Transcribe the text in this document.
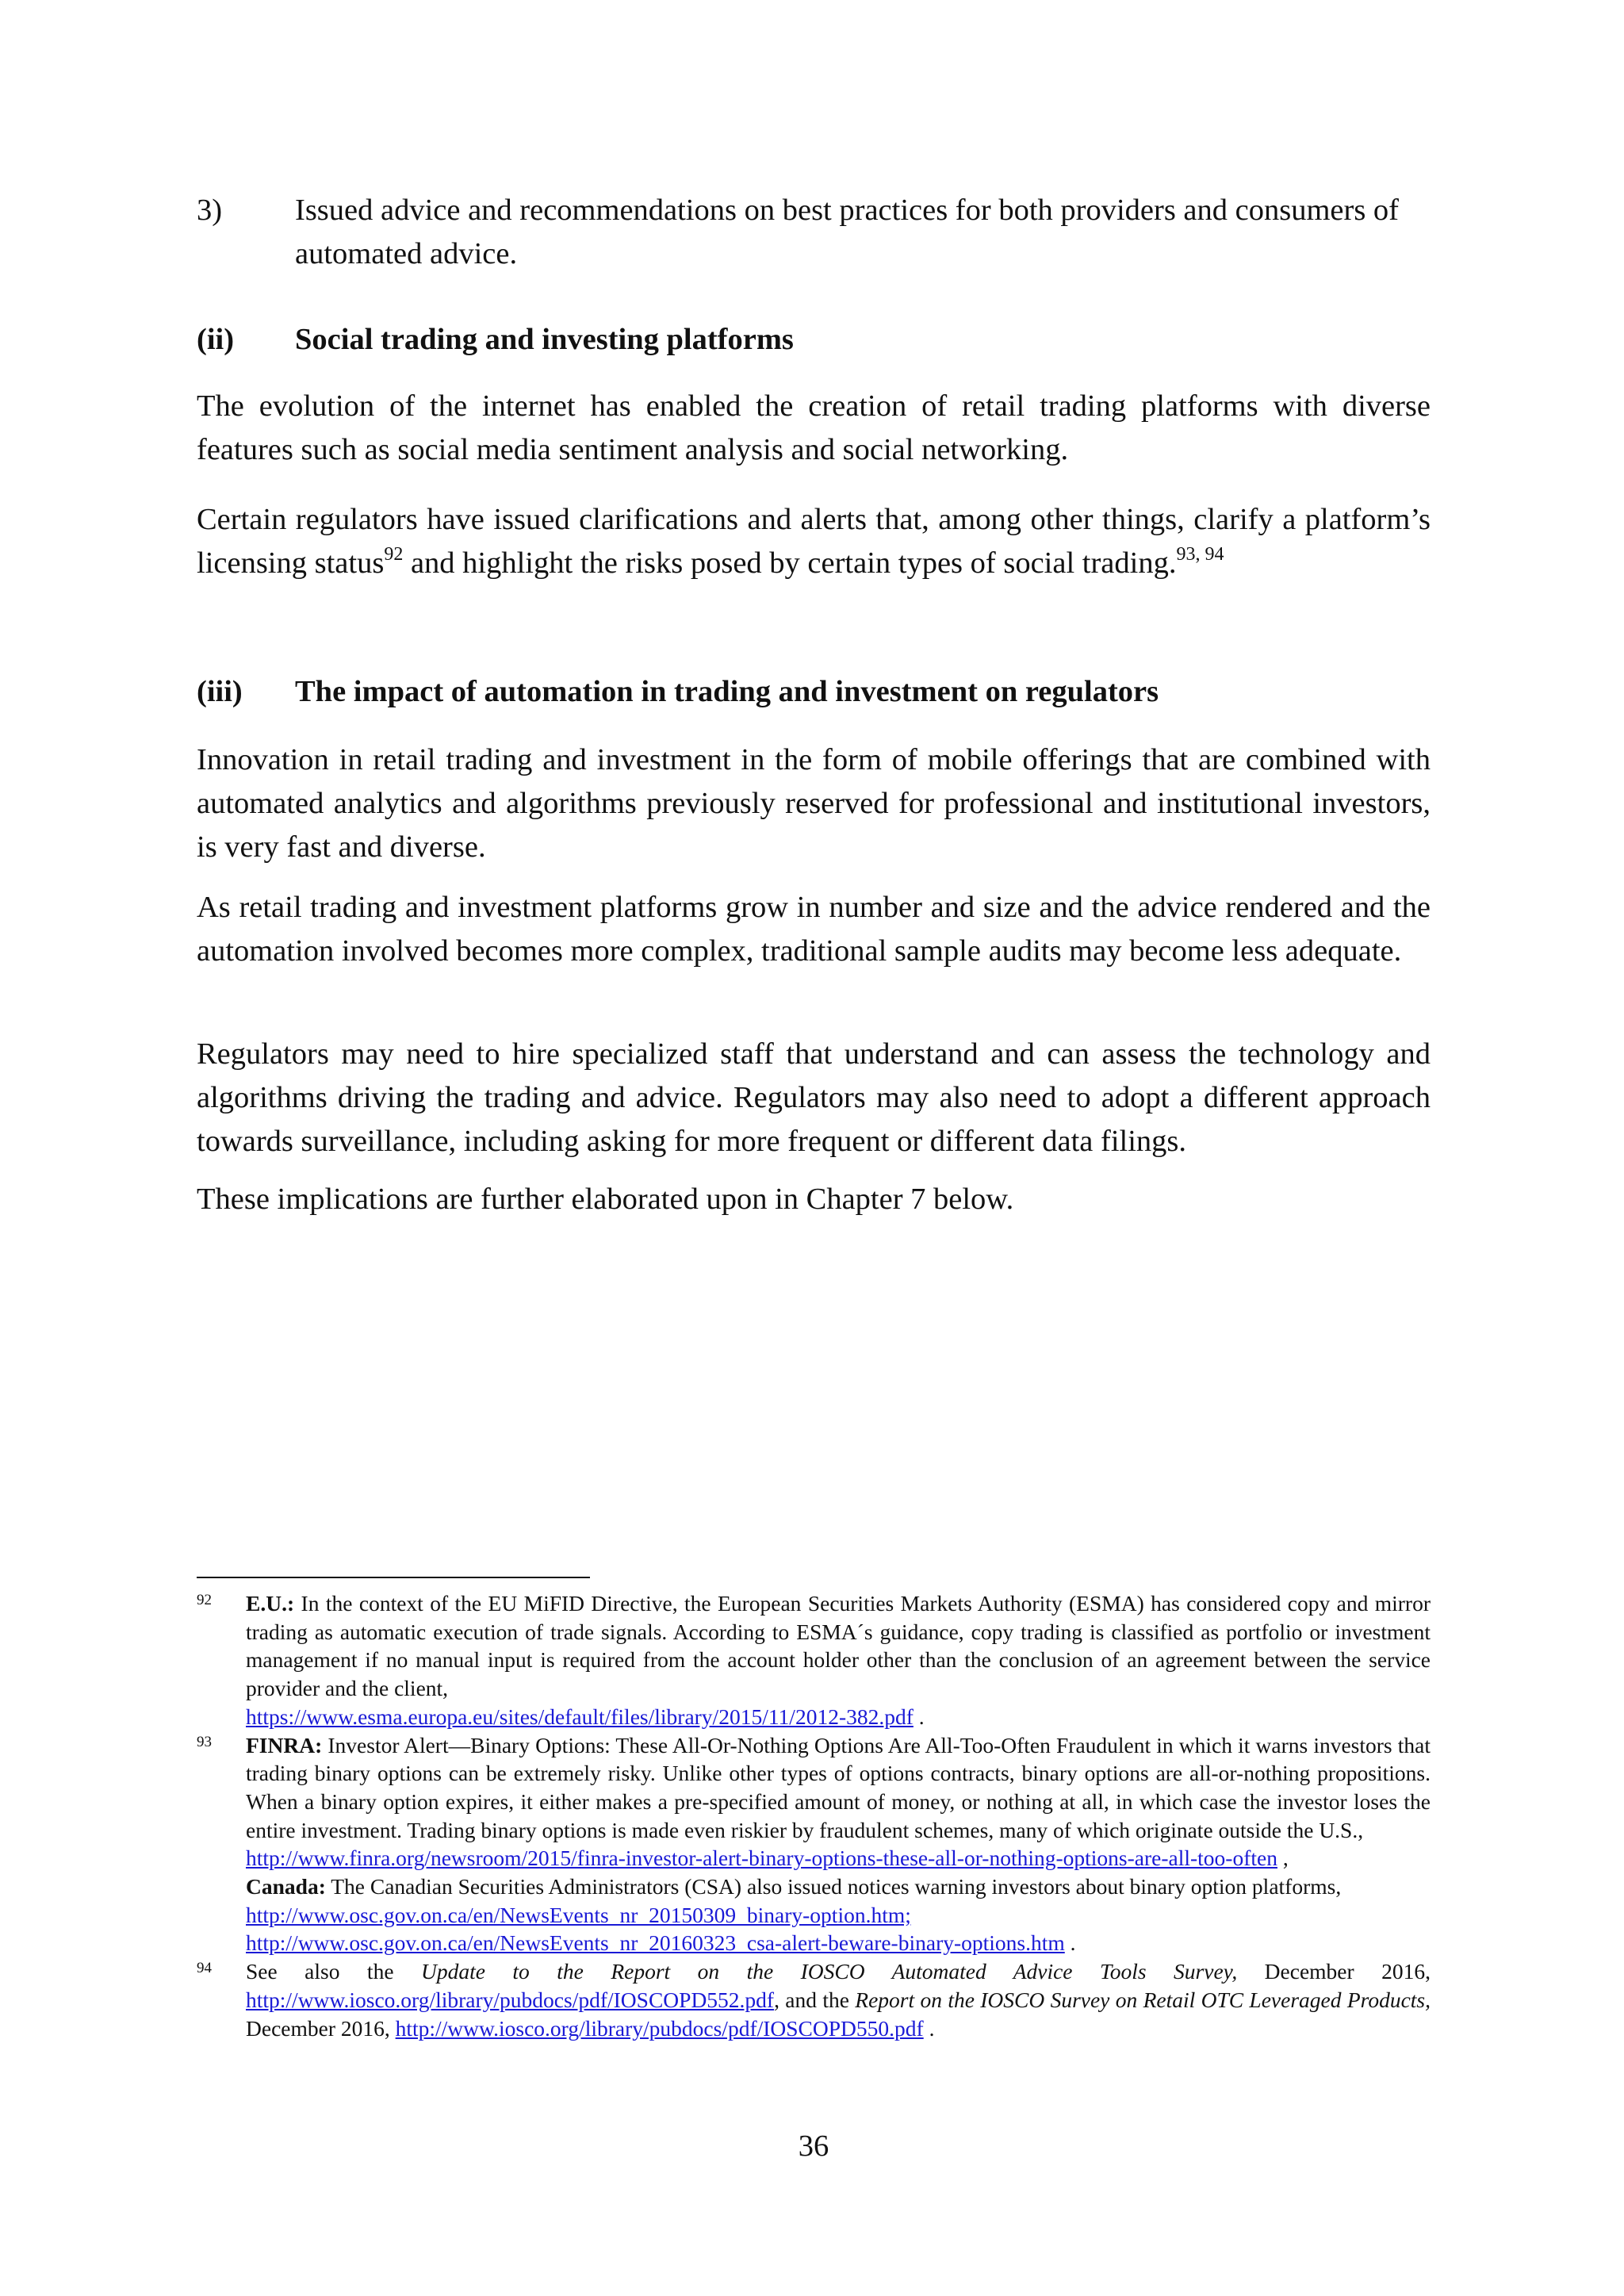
3) Issued advice and recommendations on best practices for both providers and consumers of automated advice.
(ii) Social trading and investing platforms

The evolution of the internet has enabled the creation of retail trading platforms with diverse features such as social media sentiment analysis and social networking.

Certain regulators have issued clarifications and alerts that, among other things, clarify a platform’s licensing status$^{92}$ and highlight the risks posed by certain types of social trading.$^{93, 94}$

(iii) The impact of automation in trading and investment on regulators

Innovation in retail trading and investment in the form of mobile offerings that are combined with automated analytics and algorithms previously reserved for professional and institutional investors, is very fast and diverse.

As retail trading and investment platforms grow in number and size and the advice rendered and the automation involved becomes more complex, traditional sample audits may become less adequate.

Regulators may need to hire specialized staff that understand and can assess the technology and algorithms driving the trading and advice. Regulators may also need to adopt a different approach towards surveillance, including asking for more frequent or different data filings.

These implications are further elaborated upon in Chapter 7 below.

92 E.U.: In the context of the EU MiFID Directive, the European Securities Markets Authority (ESMA) has considered copy and mirror trading as automatic execution of trade signals. According to ESMA´s guidance, copy trading is classified as portfolio or investment management if no manual input is required from the account holder other than the conclusion of an agreement between the service provider and the client,
https://www.esma.europa.eu/sites/default/files/library/2015/11/2012-382.pdf .
93 FINRA: Investor Alert—Binary Options: These All-Or-Nothing Options Are All-Too-Often Fraudulent in which it warns investors that trading binary options can be extremely risky. Unlike other types of options contracts, binary options are all-or-nothing propositions. When a binary option expires, it either makes a pre-specified amount of money, or nothing at all, in which case the investor loses the entire investment. Trading binary options is made even riskier by fraudulent schemes, many of which originate outside the U.S.,
http://www.finra.org/newsroom/2015/finra-investor-alert-binary-options-these-all-or-nothing-options-are-all-too-often ,
Canada: The Canadian Securities Administrators (CSA) also issued notices warning investors about binary option platforms,
http://www.osc.gov.on.ca/en/NewsEvents_nr_20150309_binary-option.htm;
http://www.osc.gov.on.ca/en/NewsEvents_nr_20160323_csa-alert-beware-binary-options.htm .
94 See also the Update to the Report on the IOSCO Automated Advice Tools Survey, December 2016, http://www.iosco.org/library/pubdocs/pdf/IOSCOPD552.pdf, and the Report on the IOSCO Survey on Retail OTC Leveraged Products, December 2016, http://www.iosco.org/library/pubdocs/pdf/IOSCOPD550.pdf .
36
